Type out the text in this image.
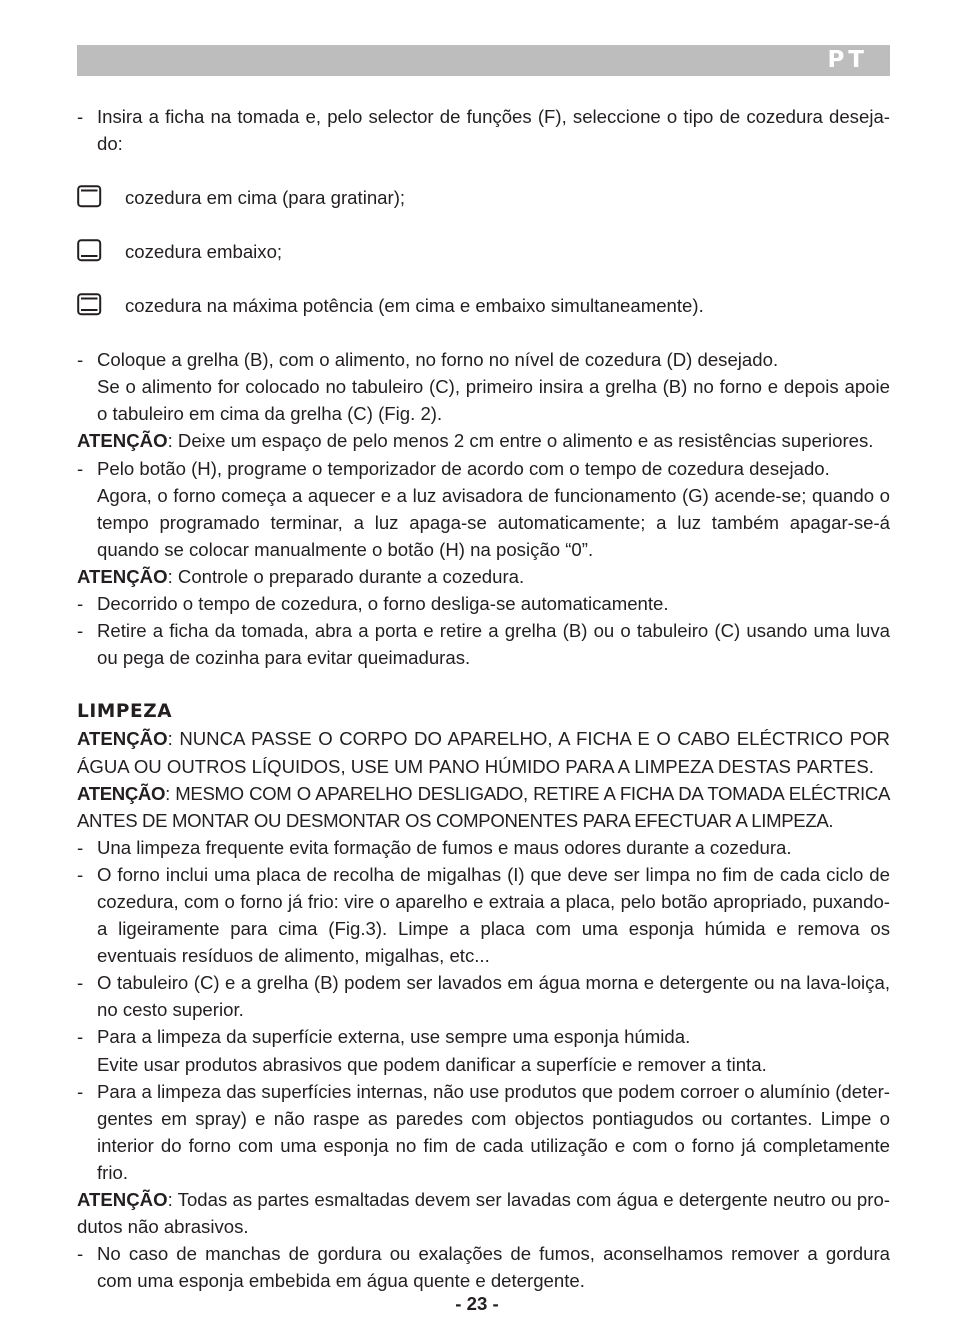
PT
- Insira a ficha na tomada e, pelo selector de funções (F), seleccione o tipo de cozedura deseja-do:
cozedura em cima (para gratinar);
cozedura embaixo;
cozedura na máxima potência (em cima e embaixo simultaneamente).
- Coloque a grelha (B), com o alimento, no forno no nível de cozedura (D) desejado.
Se o alimento for colocado no tabuleiro (C), primeiro insira a grelha (B) no forno e depois apoie o tabuleiro em cima da grelha (C) (Fig. 2).

ATENÇÃO: Deixe um espaço de pelo menos 2 cm entre o alimento e as resistências superiores.

- Pelo botão (H), programe o temporizador de acordo com o tempo de cozedura desejado.
Agora, o forno começa a aquecer e a luz avisadora de funcionamento (G) acende-se; quando o tempo programado terminar, a luz apaga-se automaticamente; a luz também apagar-se-á quando se colocar manualmente o botão (H) na posição “0”.

ATENÇÃO: Controle o preparado durante a cozedura.

- Decorrido o tempo de cozedura, o forno desliga-se automaticamente.
- Retire a ficha da tomada, abra a porta e retire a grelha (B) ou o tabuleiro (C) usando uma luva ou pega de cozinha para evitar queimaduras.

LIMPEZA

ATENÇÃO: NUNCA PASSE O CORPO DO APARELHO, A FICHA E O CABO ELÉCTRICO POR ÁGUA OU OUTROS LÍQUIDOS, USE UM PANO HÚMIDO PARA A LIMPEZA DESTAS PARTES.

ATENÇÃO: MESMO COM O APARELHO DESLIGADO, RETIRE A FICHA DA TOMADA ELÉCTRICA ANTES DE MONTAR OU DESMONTAR OS COMPONENTES PARA EFECTUAR A LIMPEZA.

- Una limpeza frequente evita formação de fumos e maus odores durante a cozedura.
- O forno inclui uma placa de recolha de migalhas (I) que deve ser limpa no fim de cada ciclo de cozedura, com o forno já frio: vire o aparelho e extraia a placa, pelo botão apropriado, puxando-a ligeiramente para cima (Fig.3). Limpe a placa com uma esponja húmida e remova os eventuais resíduos de alimento, migalhas, etc...
- O tabuleiro (C) e a grelha (B) podem ser lavados em água morna e detergente ou na lava-loiça, no cesto superior.
- Para a limpeza da superfície externa, use sempre uma esponja húmida.
Evite usar produtos abrasivos que podem danificar a superfície e remover a tinta.
- Para a limpeza das superfícies internas, não use produtos que podem corroer o alumínio (deter-gentes em spray) e não raspe as paredes com objectos pontiagudos ou cortantes. Limpe o interior do forno com uma esponja no fim de cada utilização e com o forno já completamente frio.

ATENÇÃO: Todas as partes esmaltadas devem ser lavadas com água e detergente neutro ou pro-dutos não abrasivos.

- No caso de manchas de gordura ou exalações de fumos, aconselhamos remover a gordura com uma esponja embebida em água quente e detergente.
- 23 -
